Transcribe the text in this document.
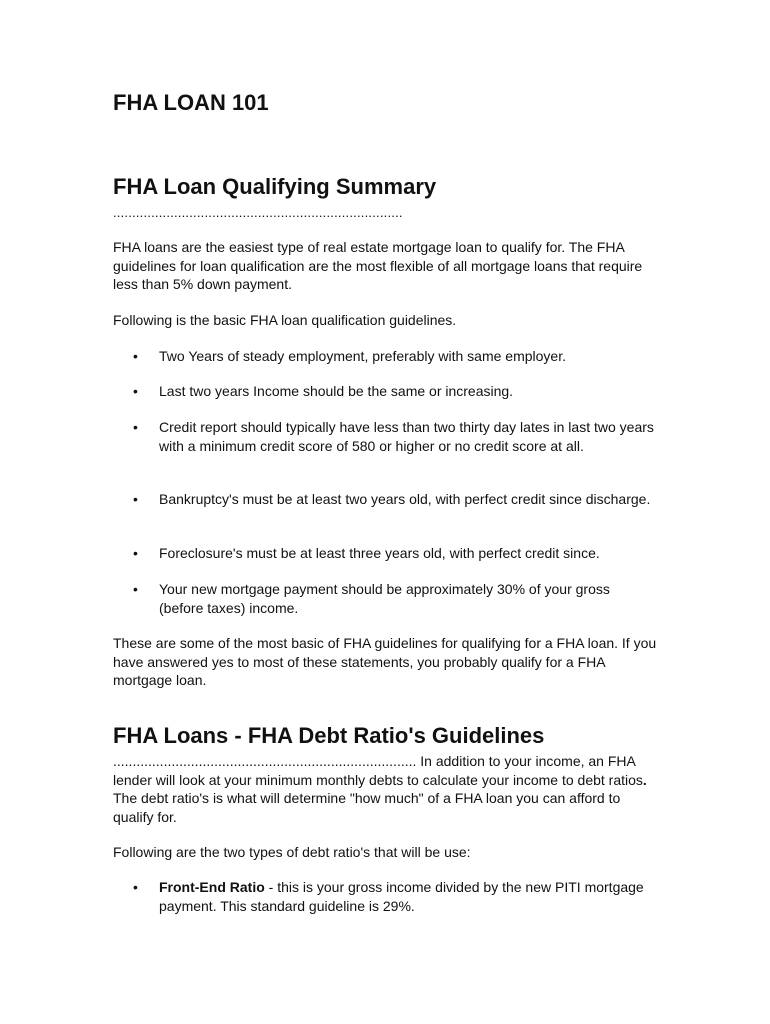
FHA LOAN 101
FHA Loan Qualifying Summary
............................................................................

FHA loans are the easiest type of real estate mortgage loan to qualify for. The FHA guidelines for loan qualification are the most flexible of all mortgage loans that require less than 5% down payment.

Following is the basic FHA loan qualification guidelines.

• Two Years of steady employment, preferably with same employer.
• Last two years Income should be the same or increasing.
• Credit report should typically have less than two thirty day lates in last two years with a minimum credit score of 580 or higher or no credit score at all.
• Bankruptcy's must be at least two years old, with perfect credit since discharge.
• Foreclosure's must be at least three years old, with perfect credit since.
• Your new mortgage payment should be approximately 30% of your gross (before taxes) income.

These are some of the most basic of FHA guidelines for qualifying for a FHA loan. If you have answered yes to most of these statements, you probably qualify for a FHA mortgage loan.

FHA Loans - FHA Debt Ratio's Guidelines

.............................................................................. In addition to your income, an FHA lender will look at your minimum monthly debts to calculate your income to debt ratios. The debt ratio's is what will determine "how much" of a FHA loan you can afford to qualify for.

Following are the two types of debt ratio's that will be use:

• Front-End Ratio - this is your gross income divided by the new PITI mortgage payment. This standard guideline is 29%.
